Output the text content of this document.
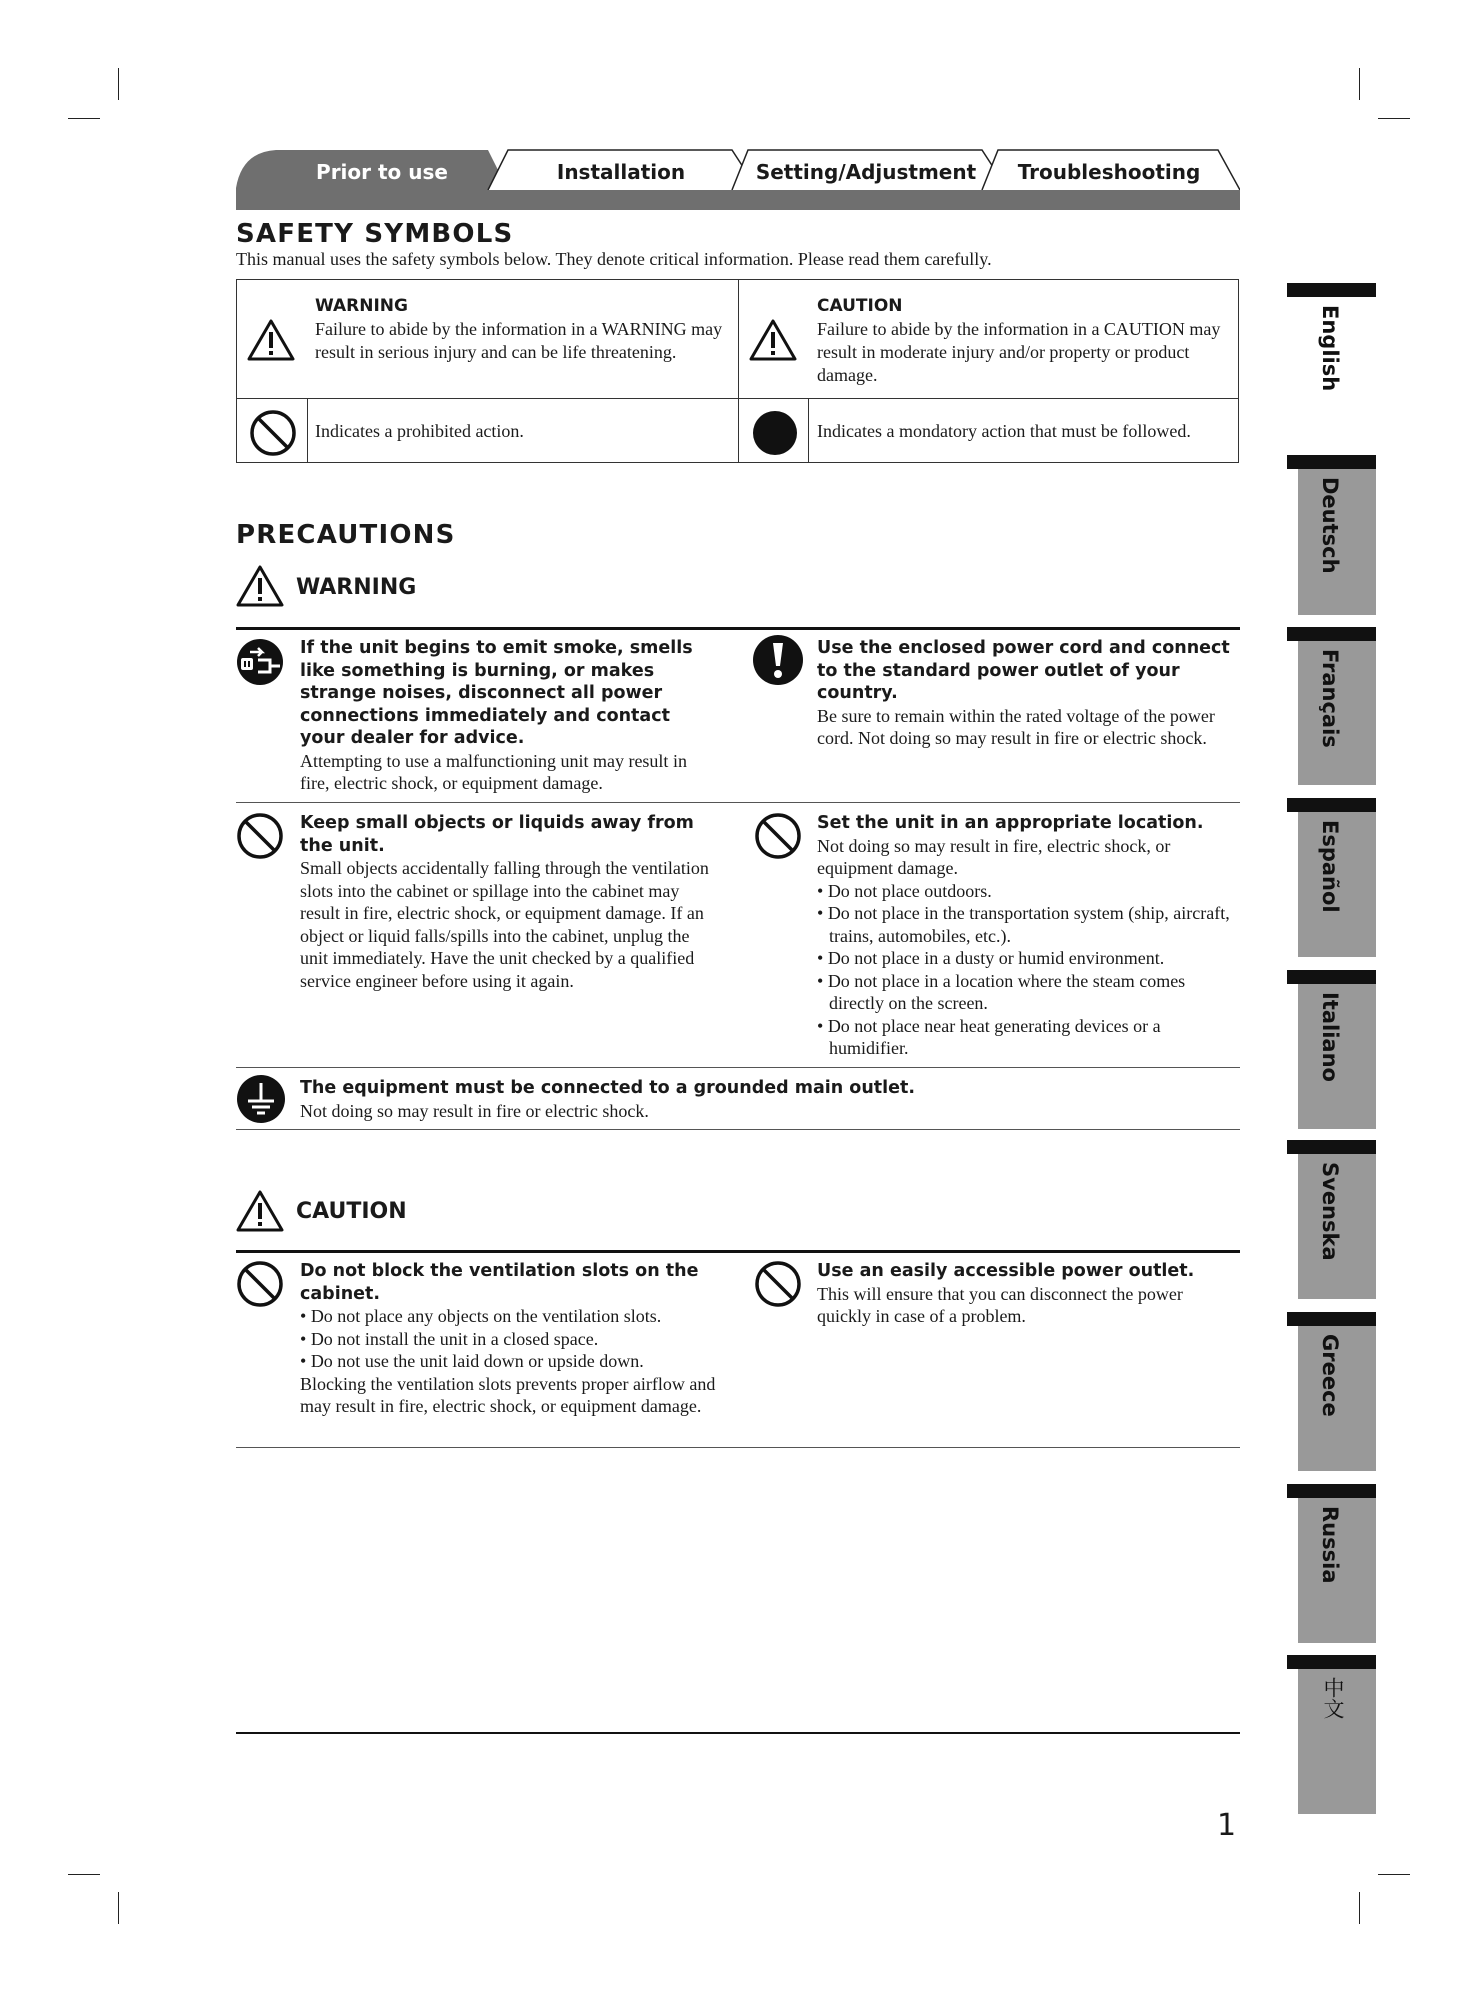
Prior to use	Installation	Setting/Adjustment	Troubleshooting
SAFETY SYMBOLS
This manual uses the safety symbols below. They denote critical information. Please read them carefully.
WARNING
Failure to abide by the information in a WARNING may result in serious injury and can be life threatening.
CAUTION
Failure to abide by the information in a CAUTION may result in moderate injury and/or property or product damage.
Indicates a prohibited action.	Indicates a mondatory action that must be followed.
PRECAUTIONS
WARNING
If the unit begins to emit smoke, smells like something is burning, or makes strange noises, disconnect all power connections immediately and contact your dealer for advice.
Attempting to use a malfunctioning unit may result in fire, electric shock, or equipment damage.
Use the enclosed power cord and connect to the standard power outlet of your country.
Be sure to remain within the rated voltage of the power cord. Not doing so may result in fire or electric shock.
Keep small objects or liquids away from the unit.
Small objects accidentally falling through the ventilation slots into the cabinet or spillage into the cabinet may result in fire, electric shock, or equipment damage. If an object or liquid falls/spills into the cabinet, unplug the unit immediately. Have the unit checked by a qualified service engineer before using it again.
Set the unit in an appropriate location.
Not doing so may result in fire, electric shock, or equipment damage.
• Do not place outdoors.
• Do not place in the transportation system (ship, aircraft, trains, automobiles, etc.).
• Do not place in a dusty or humid environment.
• Do not place in a location where the steam comes directly on the screen.
• Do not place near heat generating devices or a humidifier.
The equipment must be connected to a grounded main outlet.
Not doing so may result in fire or electric shock.
CAUTION
Do not block the ventilation slots on the cabinet.
• Do not place any objects on the ventilation slots.
• Do not install the unit in a closed space.
• Do not use the unit laid down or upside down.
Blocking the ventilation slots prevents proper airflow and may result in fire, electric shock, or equipment damage.
Use an easily accessible power outlet.
This will ensure that you can disconnect the power quickly in case of a problem.
English
Deutsch
Français
Español
Italiano
Svenska
Greece
Russia
中文
1
